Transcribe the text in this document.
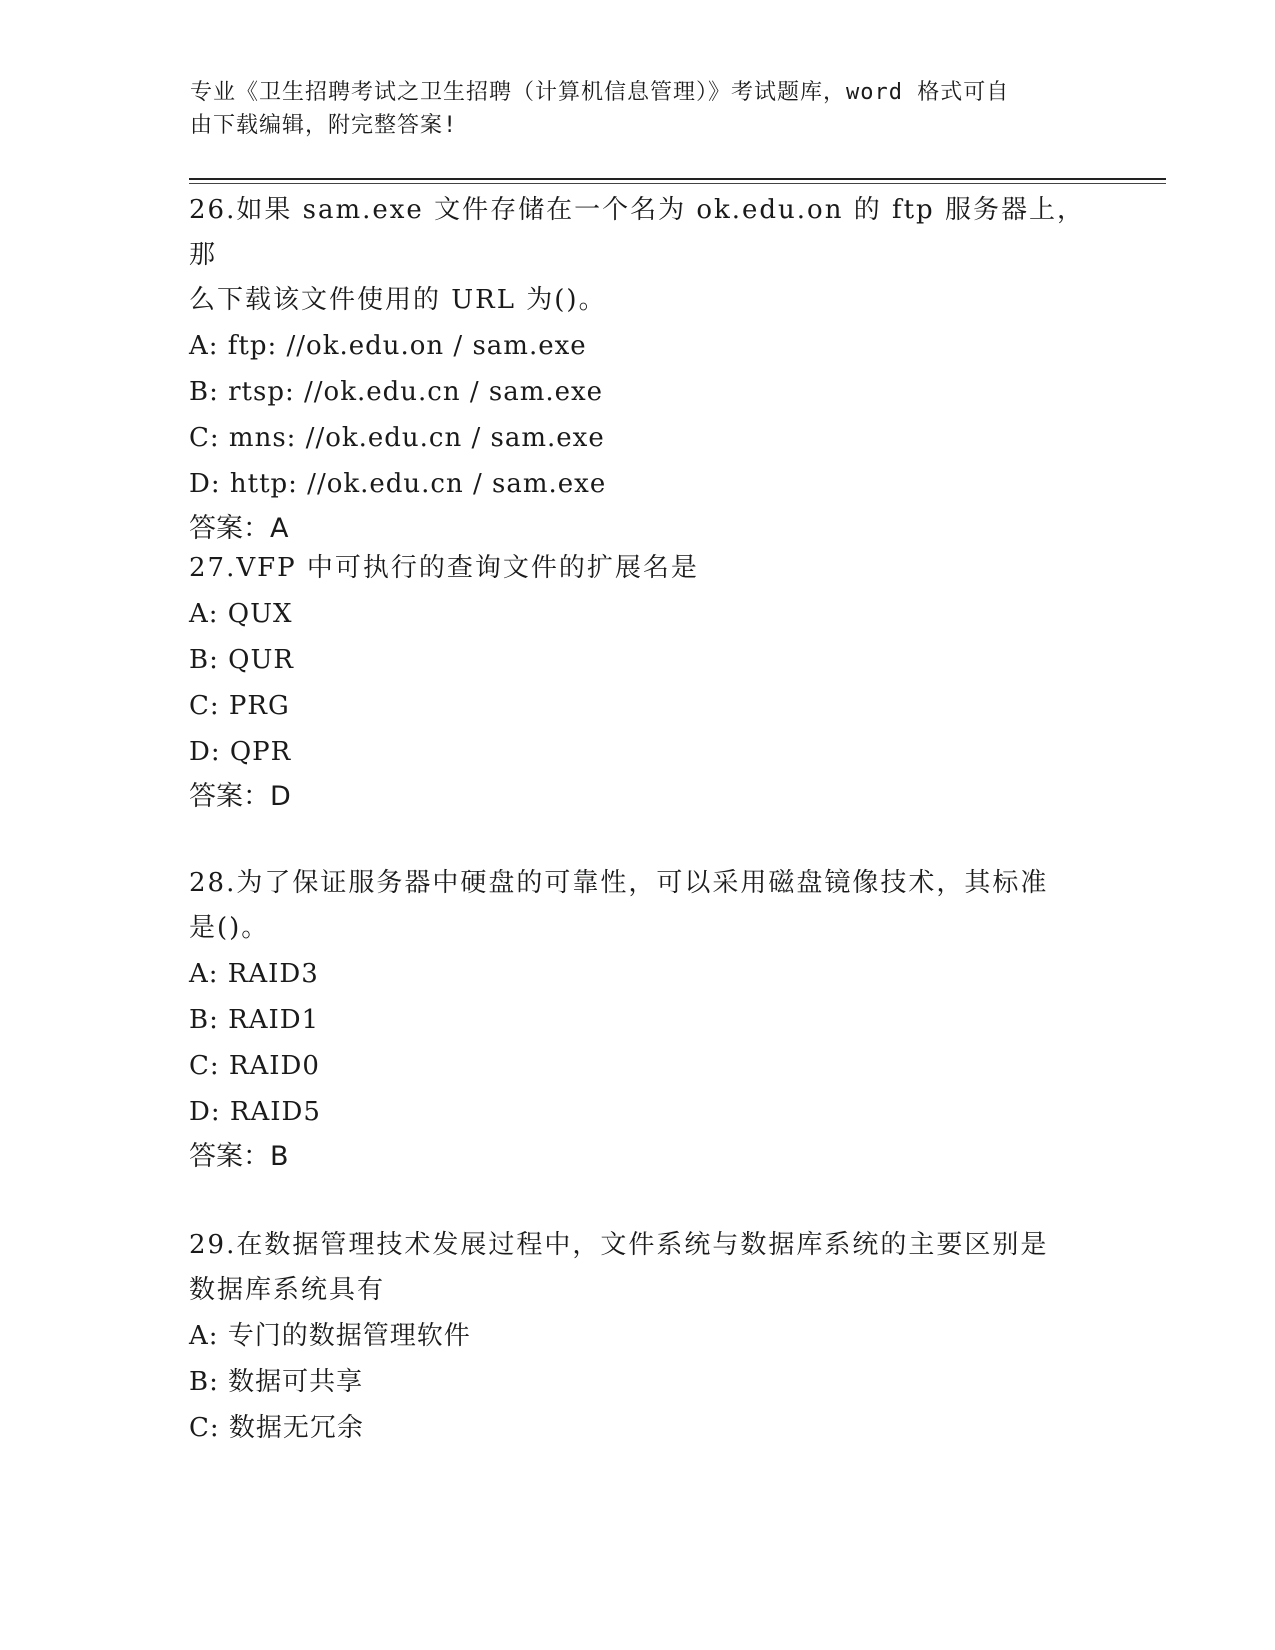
专业《卫生招聘考试之卫生招聘（计算机信息管理）》考试题库，word 格式可自
由下载编辑，附完整答案!

26.如果 sam.exe 文件存储在一个名为 ok.edu.on 的 ftp 服务器上，那

么下载该文件使用的 URL 为()。

A: ftp: //ok.edu.on / sam.exe

B: rtsp: //ok.edu.cn / sam.exe

C: mns: //ok.edu.cn / sam.exe

D: http: //ok.edu.cn / sam.exe

答案：A

27.VFP 中可执行的查询文件的扩展名是

A: QUX

B: QUR

C: PRG

D: QPR

答案：D

28.为了保证服务器中硬盘的可靠性，可以采用磁盘镜像技术，其标准

是()。

A: RAID3

B: RAID1

C: RAID0

D: RAID5

答案：B

29.在数据管理技术发展过程中，文件系统与数据库系统的主要区别是

数据库系统具有

A: 专门的数据管理软件

B: 数据可共享

C: 数据无冗余
